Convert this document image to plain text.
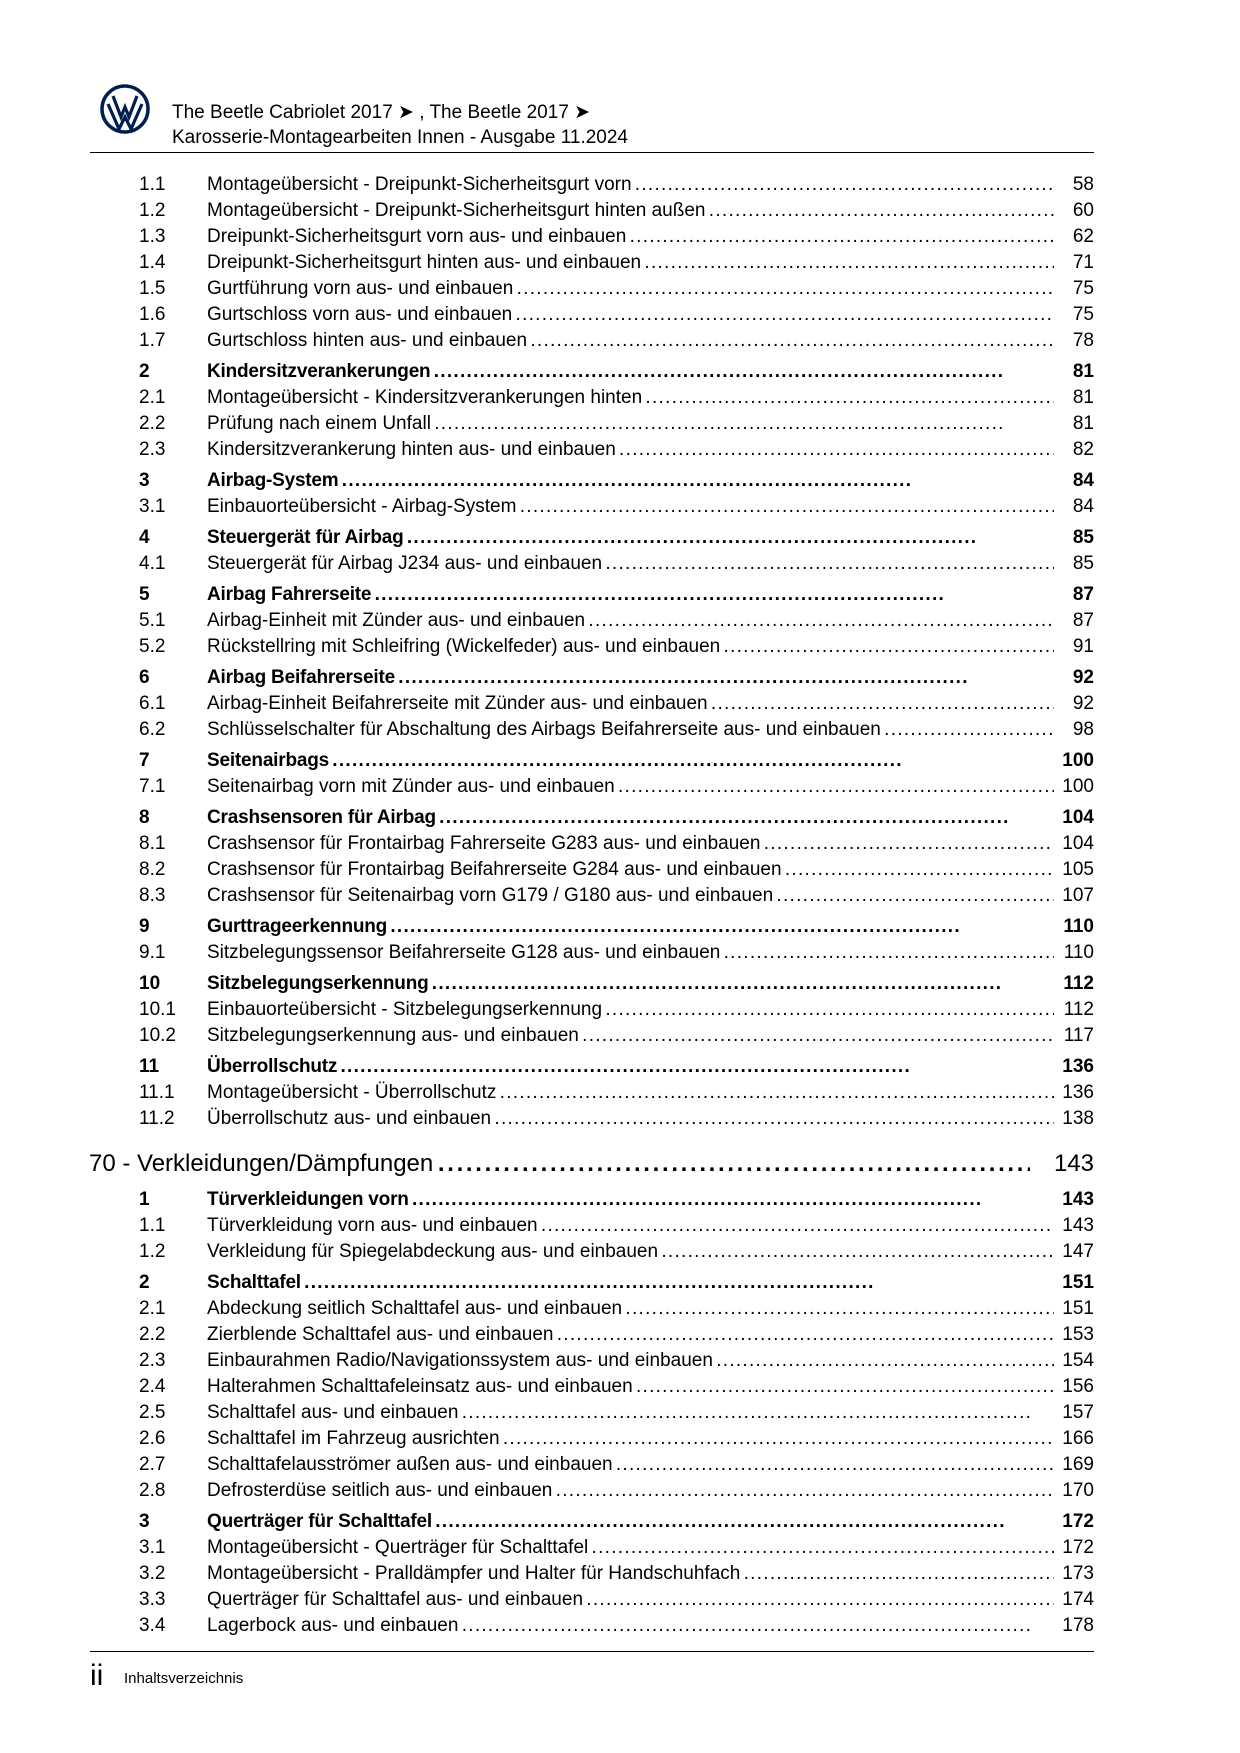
The Beetle Cabriolet 2017 ➤ , The Beetle 2017 ➤
Karosserie-Montagearbeiten Innen - Ausgabe 11.2024
1.1 Montageübersicht - Dreipunkt-Sicherheitsgurt vorn . .	58
1.2 Montageübersicht - Dreipunkt-Sicherheitsgurt hinten außen . .	60
1.3 Dreipunkt-Sicherheitsgurt vorn aus- und einbauen . .	62
1.4 Dreipunkt-Sicherheitsgurt hinten aus- und einbauen . .	71
1.5 Gurtführung vorn aus- und einbauen . .	75
1.6 Gurtschloss vorn aus- und einbauen . .	75
1.7 Gurtschloss hinten aus- und einbauen . .	78
2	Kindersitzverankerungen . .	81
2.1 Montageübersicht - Kindersitzverankerungen hinten . .	81
2.2 Prüfung nach einem Unfall . .	81
2.3 Kindersitzverankerung hinten aus- und einbauen . .	82
3	Airbag-System . .	84
3.1 Einbauorteübersicht - Airbag-System . .	84
4	Steuergerät für Airbag . .	85
4.1 Steuergerät für Airbag J234 aus- und einbauen . .	85
5	Airbag Fahrerseite . .	87
5.1 Airbag-Einheit mit Zünder aus- und einbauen . .	87
5.2 Rückstellring mit Schleifring (Wickelfeder) aus- und einbauen . .	91
6	Airbag Beifahrerseite . .	92
6.1 Airbag-Einheit Beifahrerseite mit Zünder aus- und einbauen . .	92
6.2 Schlüsselschalter für Abschaltung des Airbags Beifahrerseite aus- und einbauen . .	98
7	Seitenairbags . .	100
7.1 Seitenairbag vorn mit Zünder aus- und einbauen . .	100
8	Crashsensoren für Airbag . .	104
8.1 Crashsensor für Frontairbag Fahrerseite G283 aus- und einbauen . .	104
8.2 Crashsensor für Frontairbag Beifahrerseite G284 aus- und einbauen . .	105
8.3 Crashsensor für Seitenairbag vorn G179 / G180 aus- und einbauen . .	107
9	Gurttrageerkennung . .	110
9.1 Sitzbelegungssensor Beifahrerseite G128 aus- und einbauen . .	110
10 Sitzbelegungserkennung . .	112
10.1 Einbauorteübersicht - Sitzbelegungserkennung . .	112
10.2 Sitzbelegungserkennung aus- und einbauen . .	117
11	Überrollschutz . .	136
11.1 Montageübersicht - Überrollschutz . .	136
11.2 Überrollschutz aus- und einbauen . .	138
70 - Verkleidungen/Dämpfungen . .	143
1	Türverkleidungen vorn . .	143
1.1 Türverkleidung vorn aus- und einbauen . .	143
1.2 Verkleidung für Spiegelabdeckung aus- und einbauen . .	147
2	Schalttafel . .	151
2.1 Abdeckung seitlich Schalttafel aus- und einbauen . .	151
2.2 Zierblende Schalttafel aus- und einbauen . .	153
2.3 Einbaurahmen Radio/Navigationssystem aus- und einbauen . .	154
2.4 Halterahmen Schalttafeleinsatz aus- und einbauen . .	156
2.5 Schalttafel aus- und einbauen . .	157
2.6 Schalttafel im Fahrzeug ausrichten . .	166
2.7 Schalttafelausströmer außen aus- und einbauen . .	169
2.8 Defrosterdüse seitlich aus- und einbauen . .	170
3	Querträger für Schalttafel . .	172
3.1 Montageübersicht - Querträger für Schalttafel . .	172
3.2 Montageübersicht - Pralldämpfer und Halter für Handschuhfach . .	173
3.3 Querträger für Schalttafel aus- und einbauen . .	174
3.4 Lagerbock aus- und einbauen . .	178
ii Inhaltsverzeichnis
